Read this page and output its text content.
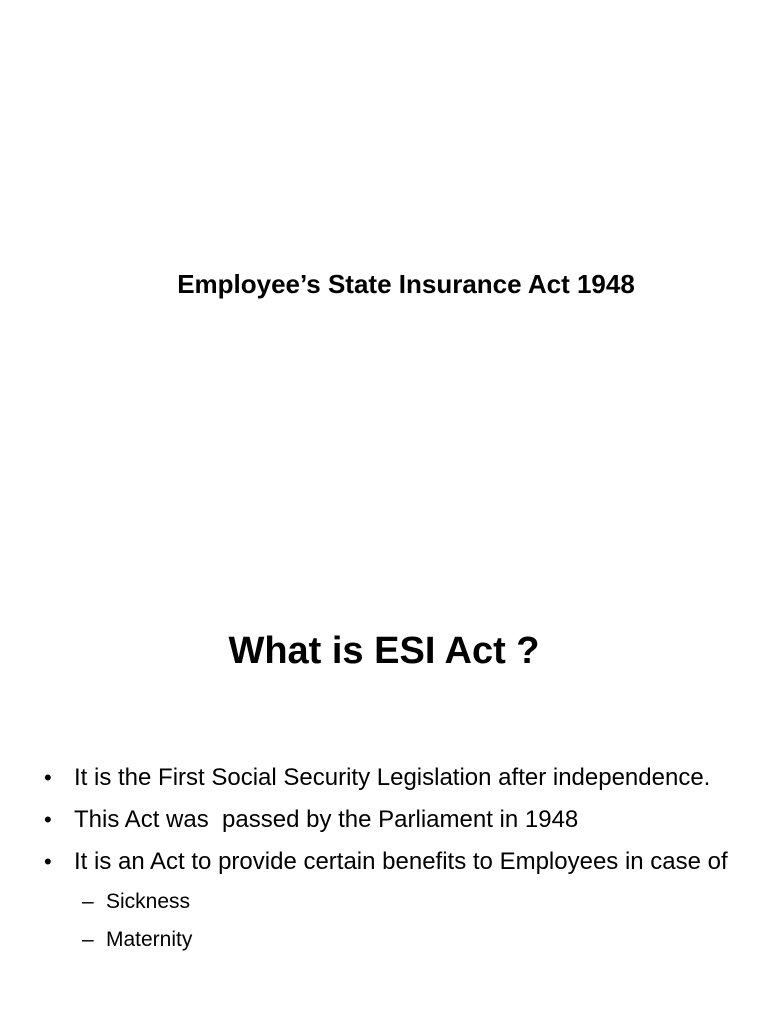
Employee’s State Insurance Act 1948
What is ESI Act ?
• It is the First Social Security Legislation after independence.
• This Act was  passed by the Parliament in 1948
• It is an Act to provide certain benefits to Employees in case of
– Sickness
– Maternity
